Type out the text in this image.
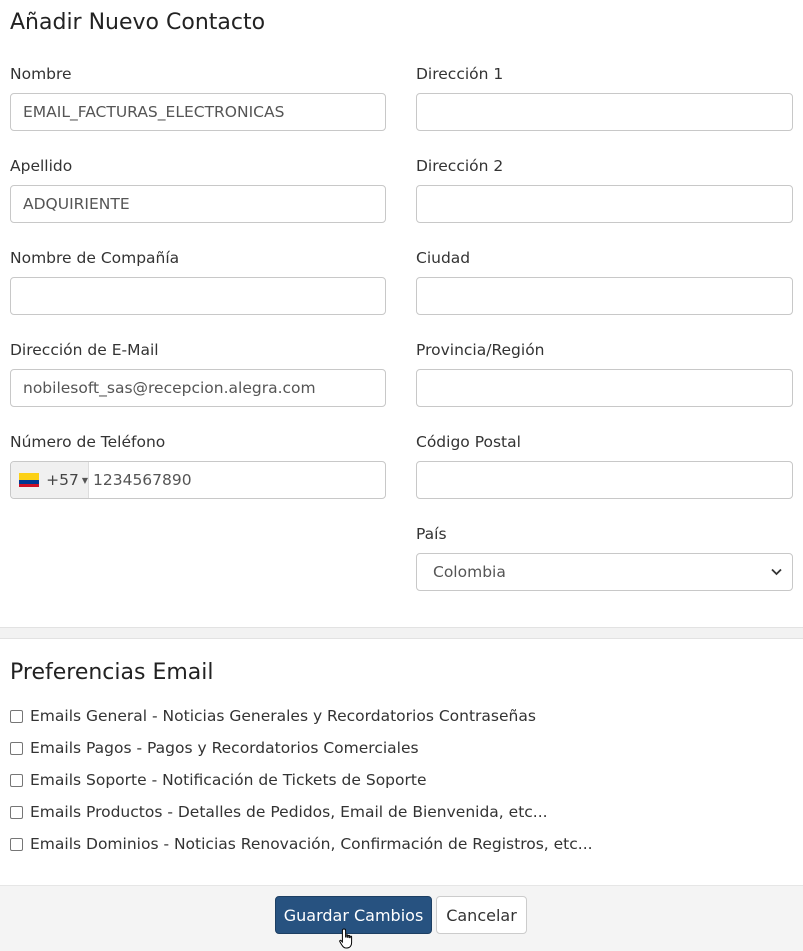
Añadir Nuevo Contacto
Nombre
EMAIL_FACTURAS_ELECTRONICAS
Apellido
ADQUIRIENTE
Nombre de Compañía
Dirección de E-Mail
nobilesoft_sas@recepcion.alegra.com
Número de Teléfono
+57 ▼ 1234567890
Dirección 1
Dirección 2
Ciudad
Provincia/Región
Código Postal
País
Colombia
Preferencias Email
Emails General - Noticias Generales y Recordatorios Contraseñas
Emails Pagos - Pagos y Recordatorios Comerciales
Emails Soporte - Notificación de Tickets de Soporte
Emails Productos - Detalles de Pedidos, Email de Bienvenida, etc...
Emails Dominios - Noticias Renovación, Confirmación de Registros, etc...
Guardar Cambios	Cancelar
